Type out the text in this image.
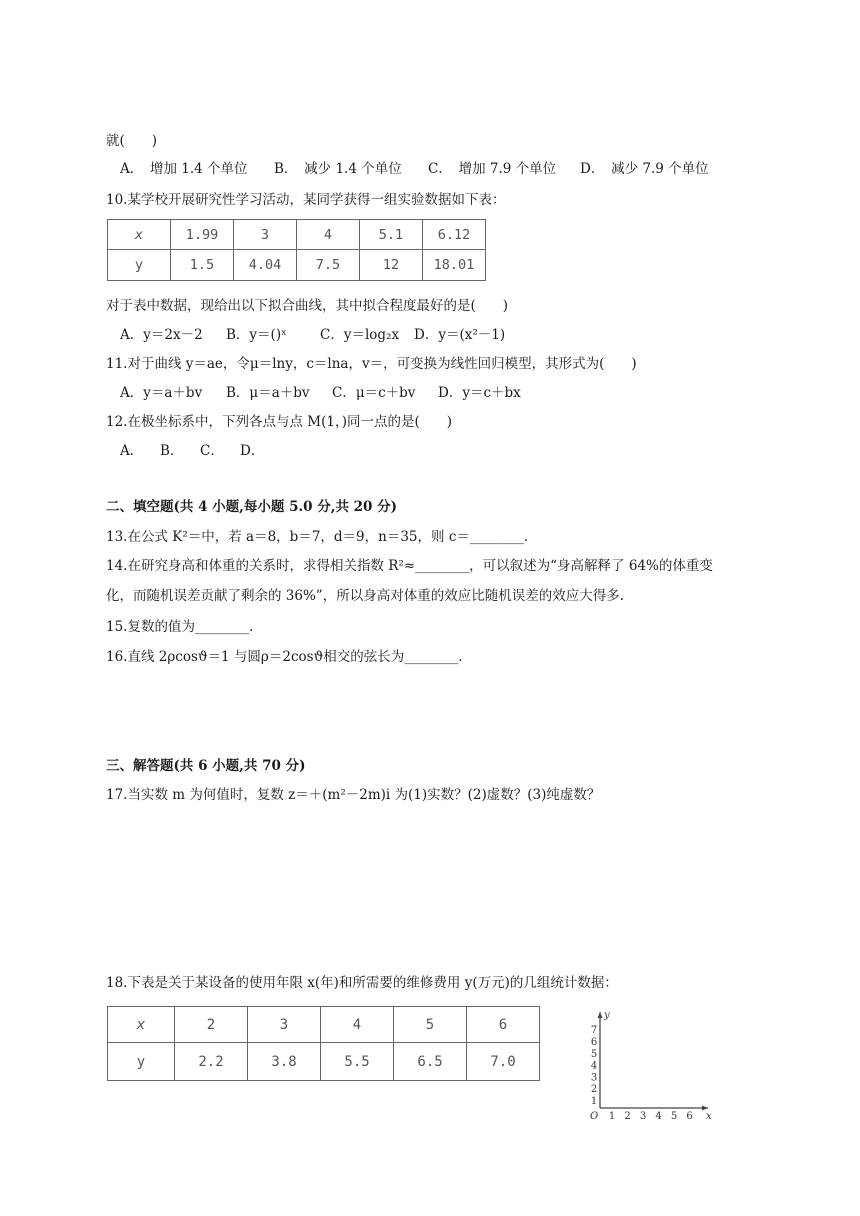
就(　　)
A．　增加 1.4 个单位 B．　减少 1.4 个单位 C．　增加 7.9 个单位 D．　减少 7.9 个单位
10.某学校开展研究性学习活动，某同学获得一组实验数据如下表：
x	1.99	3	4	5.1	6.12
y	1.5	4.04	7.5	12	18.01
对于表中数据，现给出以下拟合曲线，其中拟合程度最好的是(　　)
A．y＝2x－2 B．y＝()ˣ C．y＝log₂x D．y＝(x²－1)
11.对于曲线 y＝ae，令μ＝lny，c＝lna，v＝，可变换为线性回归模型，其形式为(　　)
A．y＝a＋bv B．μ＝a＋bv C．μ＝c＋bv D．y＝c＋bx
12.在极坐标系中，下列各点与点 M(1，)同一点的是(　　)
A． B． C． D．
二、填空题(共 4 小题,每小题 5.0 分,共 20 分)
13.在公式 K²＝中，若 a＝8，b＝7，d＝9，n＝35，则 c＝________.
14.在研究身高和体重的关系时，求得相关指数 R²≈________，可以叙述为“身高解释了 64%的体重变
化，而随机误差贡献了剩余的 36%”，所以身高对体重的效应比随机误差的效应大得多.
15.复数的值为________.
16.直线 2ρcosϑ＝1 与圆ρ＝2cosϑ相交的弦长为________.
三、解答题(共 6 小题,共 70 分)
17.当实数 m 为何值时，复数 z＝＋(m²－2m)i 为(1)实数？(2)虚数？(3)纯虚数？
18.下表是关于某设备的使用年限 x(年)和所需要的维修费用 y(万元)的几组统计数据：
x	2	3	4	5	6
y	2.2	3.8	5.5	6.5	7.0
1 2 3 4 5 6
1
2
3
4
5
6
7
O	x
y
